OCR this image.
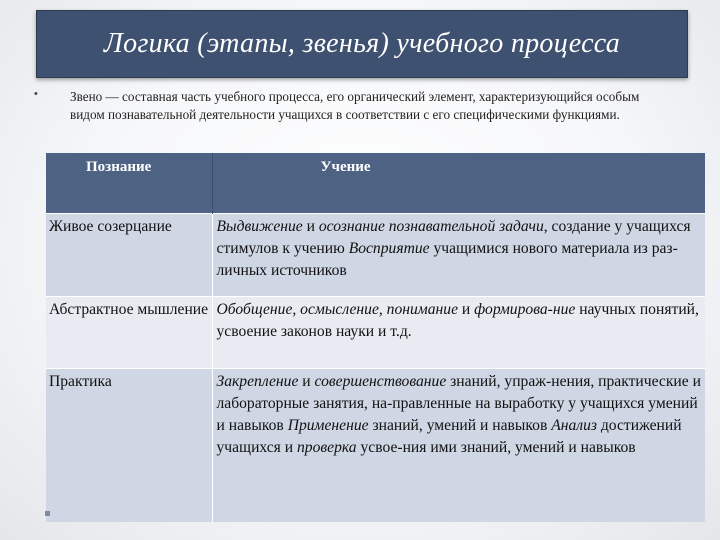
Логика (этапы, звенья) учебного процесса
• Звено — составная часть учебного процесса, его органический элемент, характеризующийся особым видом познавательной деятельности учащихся в соответствии с его специфическими функциями.
Познание	Учение
Живое созерцание	Выдвижение и осознание познавательной задачи, создание у учащихся стимулов к учению Восприятие учащимися нового материала из раз-личных источников
Абстрактное мышление	Обобщение, осмысление, понимание и формирова-ние научных понятий, усвоение законов науки и т.д.
Практика	Закрепление и совершенствование знаний, упраж-нения, практические и лабораторные занятия, на-правленные на выработку у учащихся умений и навыков Применение знаний, умений и навыков Анализ достижений учащихся и проверка усвое-ния ими знаний, умений и навыков
